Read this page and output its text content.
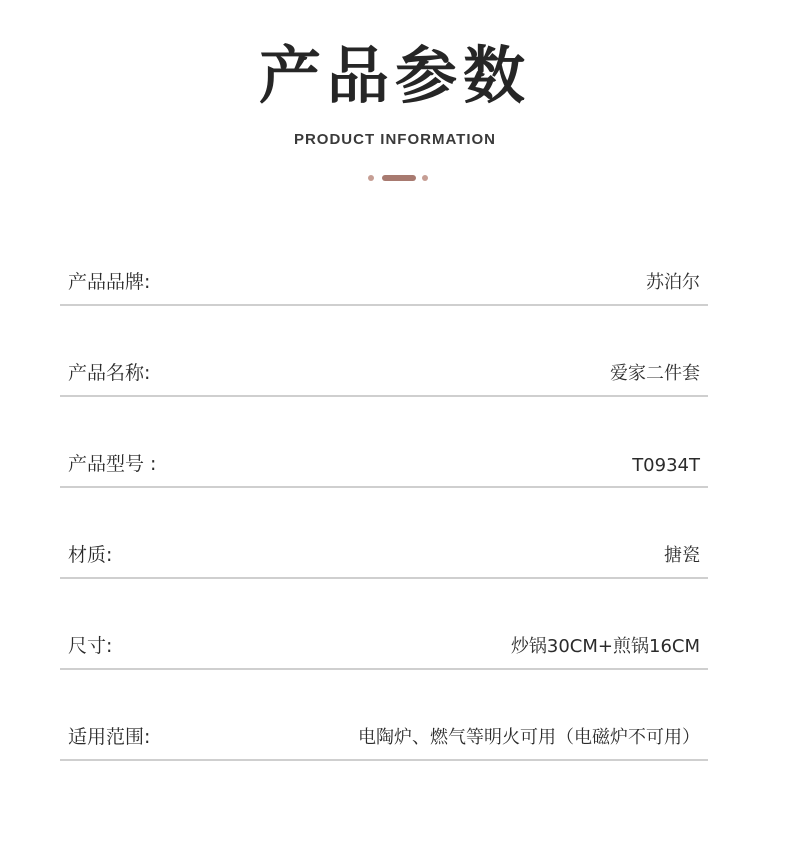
产品参数
PRODUCT INFORMATION
产品品牌:	苏泊尔
产品名称:	爱家二件套
产品型号 :	T0934T
材质:	搪瓷
尺寸:	炒锅30CM+煎锅16CM
适用范围:	电陶炉、燃气等明火可用（电磁炉不可用）
